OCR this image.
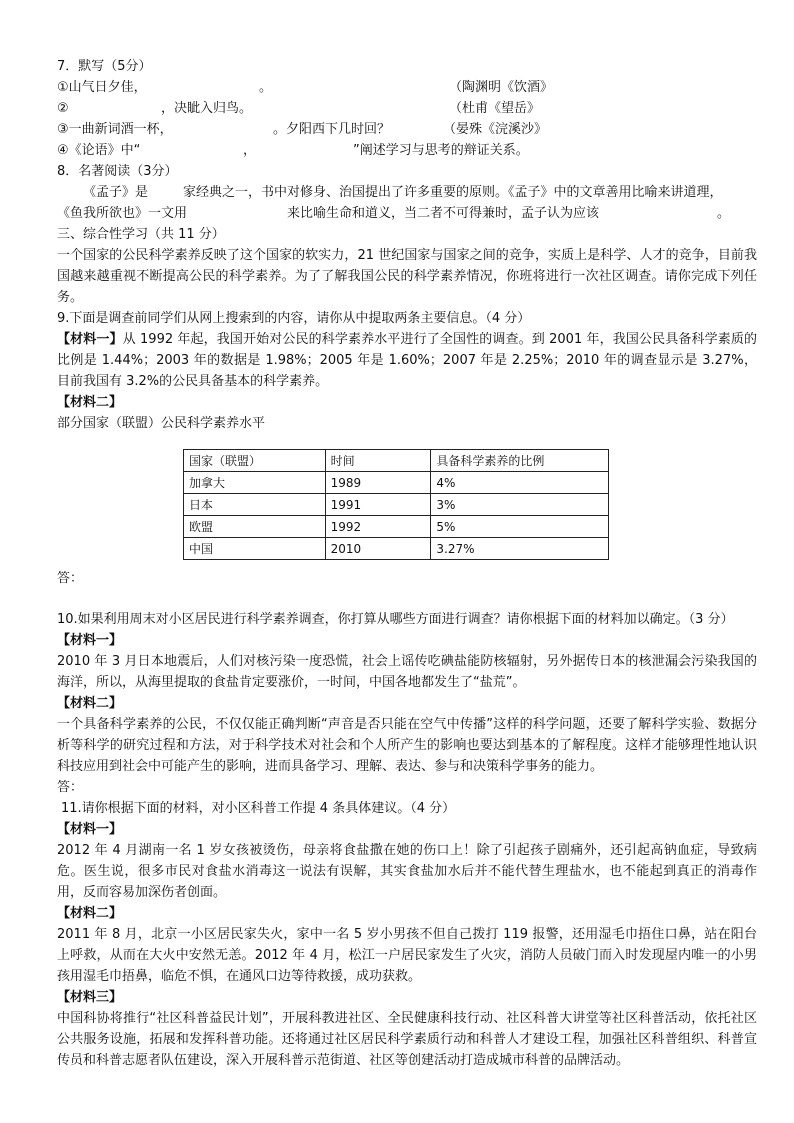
7．默写（5分）
①山气日夕佳，	。	（陶渊明《饮酒》
②	，决眦入归鸟。	（杜甫《望岳》
③一曲新词酒一杯，	。夕阳西下几时回？	（晏殊《浣溪沙》
④《论语》中“	，	”阐述学习与思考的辩证关系。
8．名著阅读（3分）
《孟子》是	家经典之一，书中对修身、治国提出了许多重要的原则。《孟子》中的文章善用比喻来讲道理，
《鱼我所欲也》一文用	来比喻生命和道义，当二者不可得兼时，孟子认为应该	。
三、综合性学习（共 11 分）
一个国家的公民科学素养反映了这个国家的软实力，21 世纪国家与国家之间的竞争，实质上是科学、人才的竞争，目前我国越来越重视不断提高公民的科学素养。为了了解我国公民的科学素养情况，你班将进行一次社区调查。请你完成下列任务。
9.下面是调查前同学们从网上搜索到的内容，请你从中提取两条主要信息。（4 分）
【材料一】从 1992 年起，我国开始对公民的科学素养水平进行了全国性的调查。到 2001 年，我国公民具备科学素质的比例是 1.44%；2003 年的数据是 1.98%；2005 年是 1.60%；2007 年是 2.25%；2010 年的调查显示是 3.27%，目前我国有 3.2%的公民具备基本的科学素养。
【材料二】
部分国家（联盟）公民科学素养水平
国家（联盟）	时间	具备科学素养的比例
加拿大	1989	4%
日本	1991	3%
欧盟	1992	5%
中国	2010	3.27%
答：
10.如果利用周末对小区居民进行科学素养调查，你打算从哪些方面进行调查？请你根据下面的材料加以确定。（3 分）
【材料一】
2010 年 3 月日本地震后，人们对核污染一度恐慌，社会上谣传吃碘盐能防核辐射，另外据传日本的核泄漏会污染我国的海洋，所以，从海里提取的食盐肯定要涨价，一时间，中国各地都发生了“盐荒”。
【材料二】
一个具备科学素养的公民，不仅仅能正确判断“声音是否只能在空气中传播”这样的科学问题，还要了解科学实验、数据分析等科学的研究过程和方法，对于科学技术对社会和个人所产生的影响也要达到基本的了解程度。这样才能够理性地认识科技应用到社会中可能产生的影响，进而具备学习、理解、表达、参与和决策科学事务的能力。
答：
11.请你根据下面的材料，对小区科普工作提 4 条具体建议。（4 分）
【材料一】
2012 年 4 月湖南一名 1 岁女孩被烫伤，母亲将食盐撒在她的伤口上！除了引起孩子剧痛外，还引起高钠血症，导致病危。医生说，很多市民对食盐水消毒这一说法有误解，其实食盐加水后并不能代替生理盐水，也不能起到真正的消毒作用，反而容易加深伤者创面。
【材料二】
2011 年 8 月，北京一小区居民家失火，家中一名 5 岁小男孩不但自己拨打 119 报警，还用湿毛巾捂住口鼻，站在阳台上呼救，从而在大火中安然无恙。2012 年 4 月，松江一户居民家发生了火灾，消防人员破门而入时发现屋内唯一的小男孩用湿毛巾捂鼻，临危不惧，在通风口边等待救援，成功获救。
【材料三】
中国科协将推行“社区科普益民计划”，开展科教进社区、全民健康科技行动、社区科普大讲堂等社区科普活动，依托社区公共服务设施，拓展和发挥科普功能。还将通过社区居民科学素质行动和科普人才建设工程，加强社区科普组织、科普宣传员和科普志愿者队伍建设，深入开展科普示范街道、社区等创建活动打造成城市科普的品牌活动。
